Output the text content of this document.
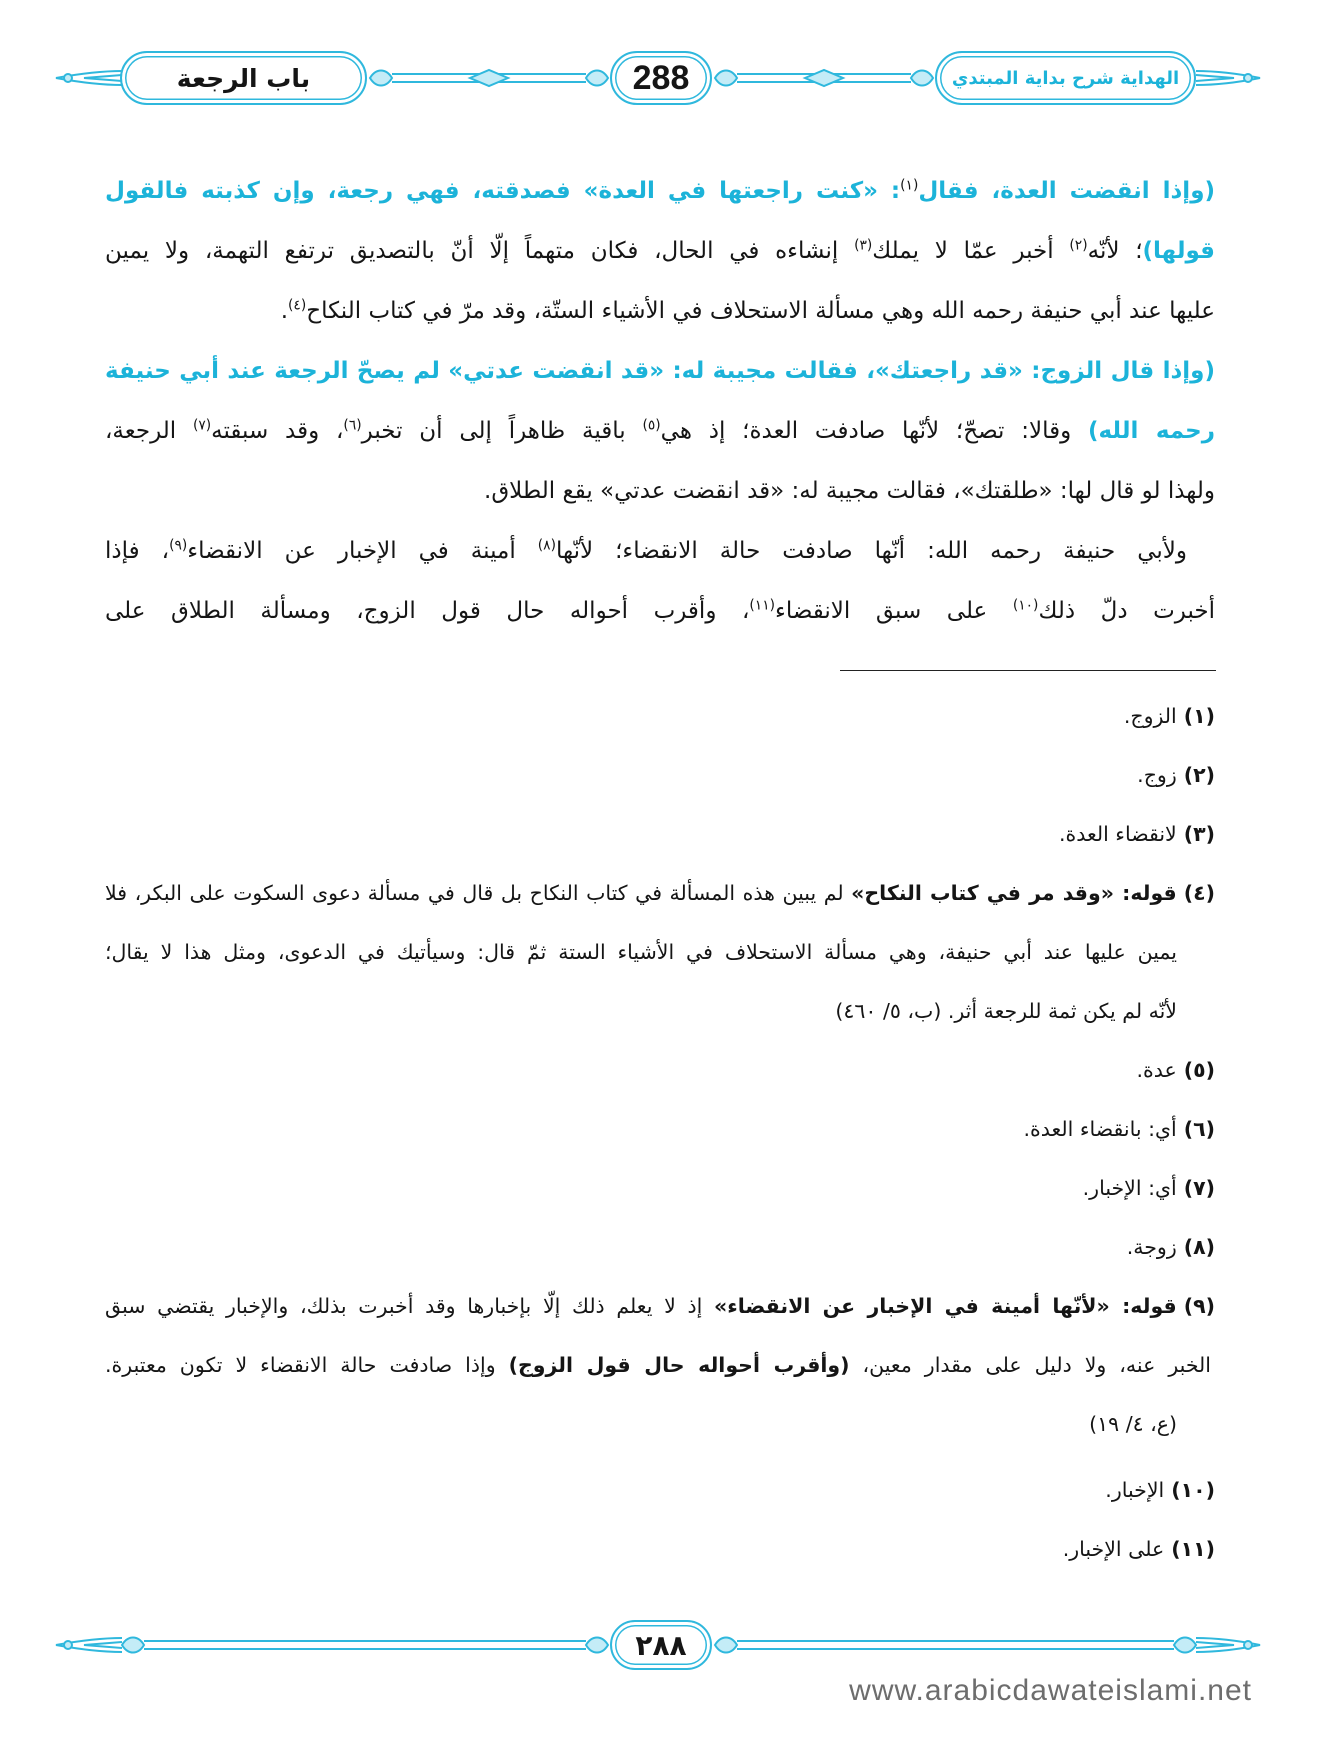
باب الرجعة	288	الهداية شرح بداية المبتدي
(وإذا انقضت العدة، فقال$^{(١)}$: «كنت راجعتها في العدة» فصدقته، فهي رجعة، وإن كذبته فالقول
قولها)؛ لأنّه$^{(٢)}$ أخبر عمّا لا يملك$^{(٣)}$ إنشاءه في الحال، فكان متهماً إلّا أنّ بالتصديق ترتفع التهمة، ولا يمين
عليها عند أبي حنيفة رحمه الله وهي مسألة الاستحلاف في الأشياء الستّة، وقد مرّ في كتاب النكاح$^{(٤)}$.
(وإذا قال الزوج: «قد راجعتك»، فقالت مجيبة له: «قد انقضت عدتي» لم يصحّ الرجعة عند أبي حنيفة
رحمه الله) وقالا: تصحّ؛ لأنّها صادفت العدة؛ إذ هي$^{(٥)}$ باقية ظاهراً إلى أن تخبر$^{(٦)}$، وقد سبقته$^{(٧)}$ الرجعة،
ولهذا لو قال لها: «طلقتك»، فقالت مجيبة له: «قد انقضت عدتي» يقع الطلاق.
ولأبي حنيفة رحمه الله: أنّها صادفت حالة الانقضاء؛ لأنّها$^{(٨)}$ أمينة في الإخبار عن الانقضاء$^{(٩)}$، فإذا
أخبرت دلّ ذلك$^{(١٠)}$ على سبق الانقضاء$^{(١١)}$، وأقرب أحواله حال قول الزوج، ومسألة الطلاق على
(١)الزوج.
(٢)زوج.
(٣)لانقضاء العدة.
(٤)قوله: «وقد مر في كتاب النكاح» لم يبين هذه المسألة في كتاب النكاح بل قال في مسألة دعوى السكوت على البكر، فلا
يمين عليها عند أبي حنيفة، وهي مسألة الاستحلاف في الأشياء الستة ثمّ قال: وسيأتيك في الدعوى، ومثل هذا لا يقال؛
لأنّه لم يكن ثمة للرجعة أثر. (ب، ٥/ ٤٦٠)
(٥)عدة.
(٦)أي: بانقضاء العدة.
(٧)أي: الإخبار.
(٨)زوجة.
(٩)قوله: «لأنّها أمينة في الإخبار عن الانقضاء» إذ لا يعلم ذلك إلّا بإخبارها وقد أخبرت بذلك، والإخبار يقتضي سبق
الخبر عنه، ولا دليل على مقدار معين، (وأقرب أحواله حال قول الزوج) وإذا صادفت حالة الانقضاء لا تكون معتبرة.
(ع، ٤/ ١٩)
(١٠)الإخبار.
(١١)على الإخبار.
٢٨٨
www.arabicdawateislami.net
